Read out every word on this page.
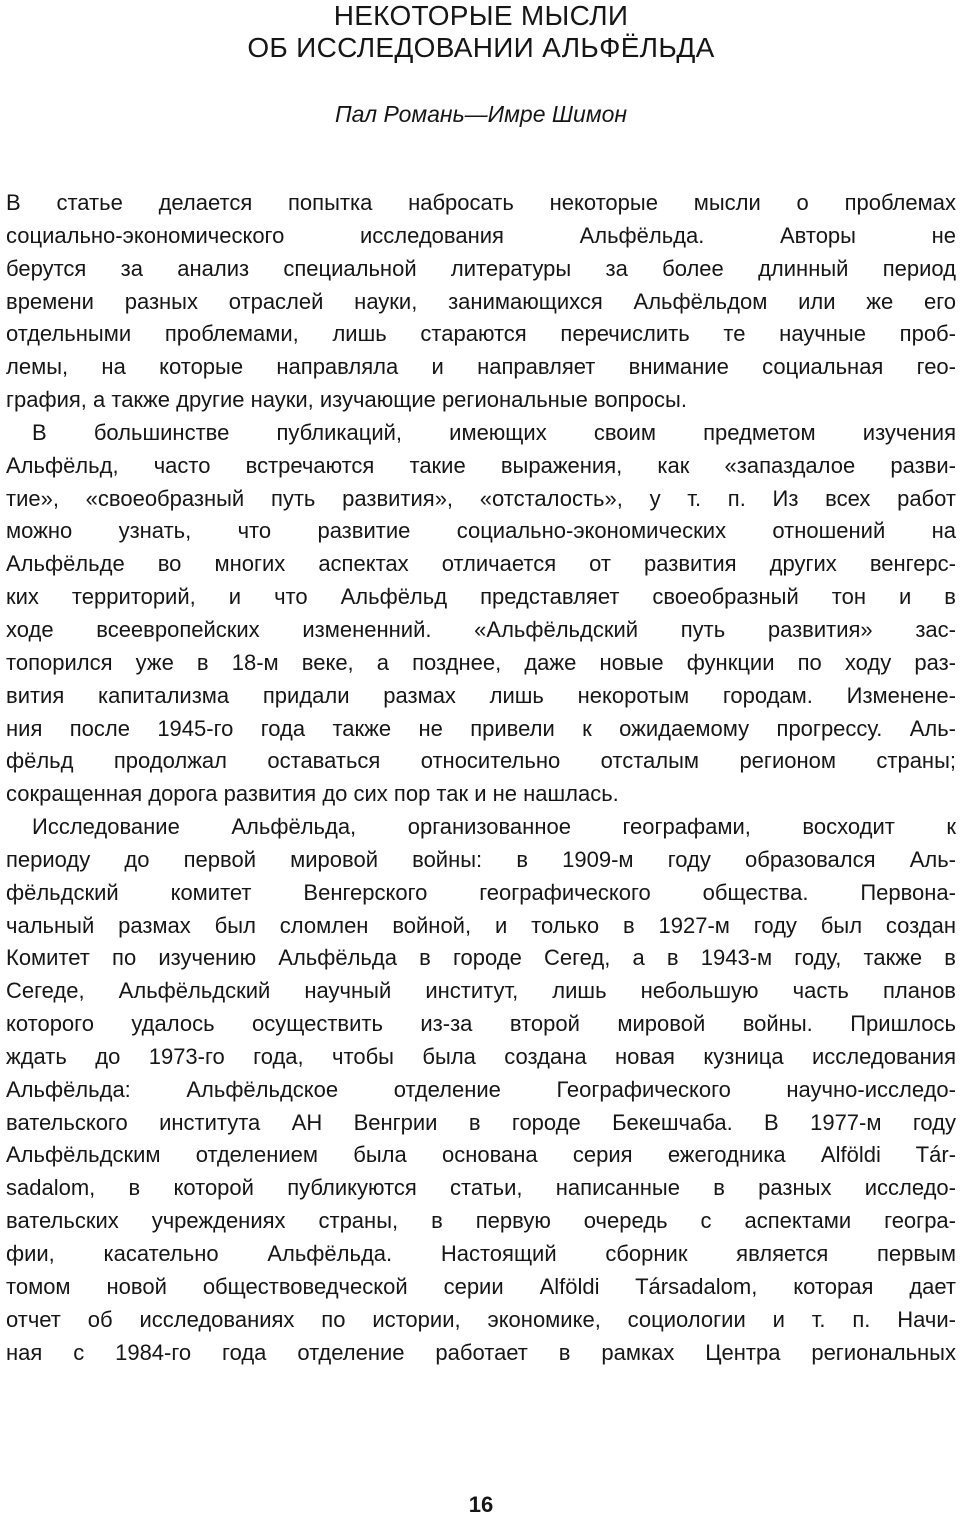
НЕКОТОРЫЕ МЫСЛИ
ОБ ИССЛЕДОВАНИИ АЛЬФЁЛЬДА
Пал Романь—Имре Шимон
В статье делается попытка набросать некоторые мысли о проблемах
социально-экономического исследования Альфёльда. Авторы не
берутся за анализ специальной литературы за более длинный период
времени разных отраслей науки, занимающихся Альфёльдом или же его
отдельными проблемами, лишь стараются перечислить те научные проб-
лемы, на которые направляла и направляет внимание социальная гео-
графия, а также другие науки, изучающие региональные вопросы.
В большинстве публикаций, имеющих своим предметом изучения
Альфёльд, часто встречаются такие выражения, как «запаздалое разви-
тие», «своеобразный путь развития», «отсталость», у т. п. Из всех работ
можно узнать, что развитие социально-экономических отношений на
Альфёльде во многих аспектах отличается от развития других венгерс-
ких территорий, и что Альфёльд представляет своеобразный тон и в
ходе всеевропейских измененний. «Альфёльдский путь развития» зас-
топорился уже в 18-м веке, а позднее, даже новые функции по ходу раз-
вития капитализма придали размах лишь некоротым городам. Изменене-
ния после 1945-го года также не привели к ожидаемому прогрессу. Аль-
фёльд продолжал оставаться относительно отсталым регионом страны;
сокращенная дорога развития до сих пор так и не нашлась.
Исследование Альфёльда, организованное географами, восходит к
периоду до первой мировой войны: в 1909-м году образовался Аль-
фёльдский комитет Венгерского географического общества. Первона-
чальный размах был сломлен войной, и только в 1927-м году был создан
Комитет по изучению Альфёльда в городе Сегед, а в 1943-м году, также в
Сегеде, Альфёльдский научный институт, лишь небольшую часть планов
которого удалось осуществить из-за второй мировой войны. Пришлось
ждать до 1973-го года, чтобы была создана новая кузница исследования
Альфёльда: Альфёльдское отделение Географического научно-исследо-
вательского института АН Венгрии в городе Бекешчаба. В 1977-м году
Альфёльдским отделением была основана серия ежегодника Alföldi Tár-
sadalom, в которой публикуются статьи, написанные в разных исследо-
вательских учреждениях страны, в первую очередь с аспектами геогра-
фии, касательно Альфёльда. Настоящий сборник является первым
томом новой обществоведческой серии Alföldi Társadalom, которая дает
отчет об исследованиях по истории, экономике, социологии и т. п. Начи-
ная с 1984-го года отделение работает в рамках Центра региональных
16
